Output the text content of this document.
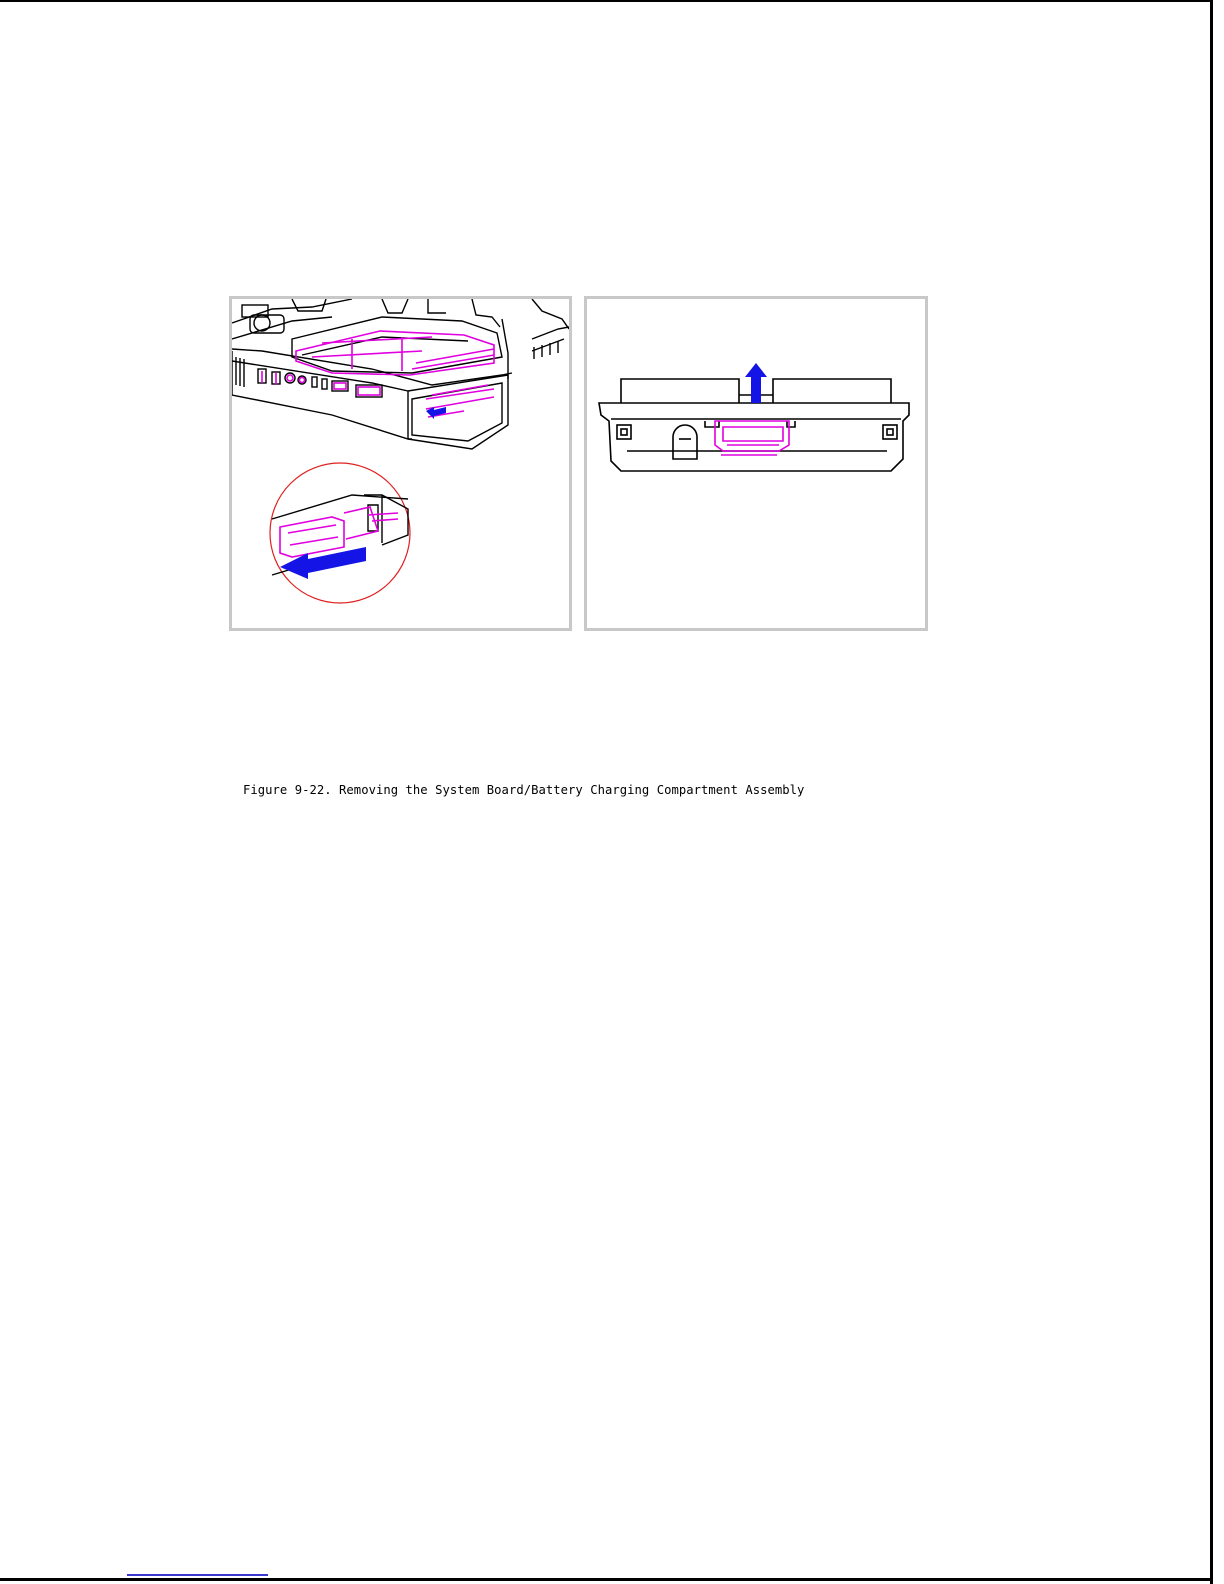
Figure 9-22. Removing the System Board/Battery Charging Compartment Assembly
